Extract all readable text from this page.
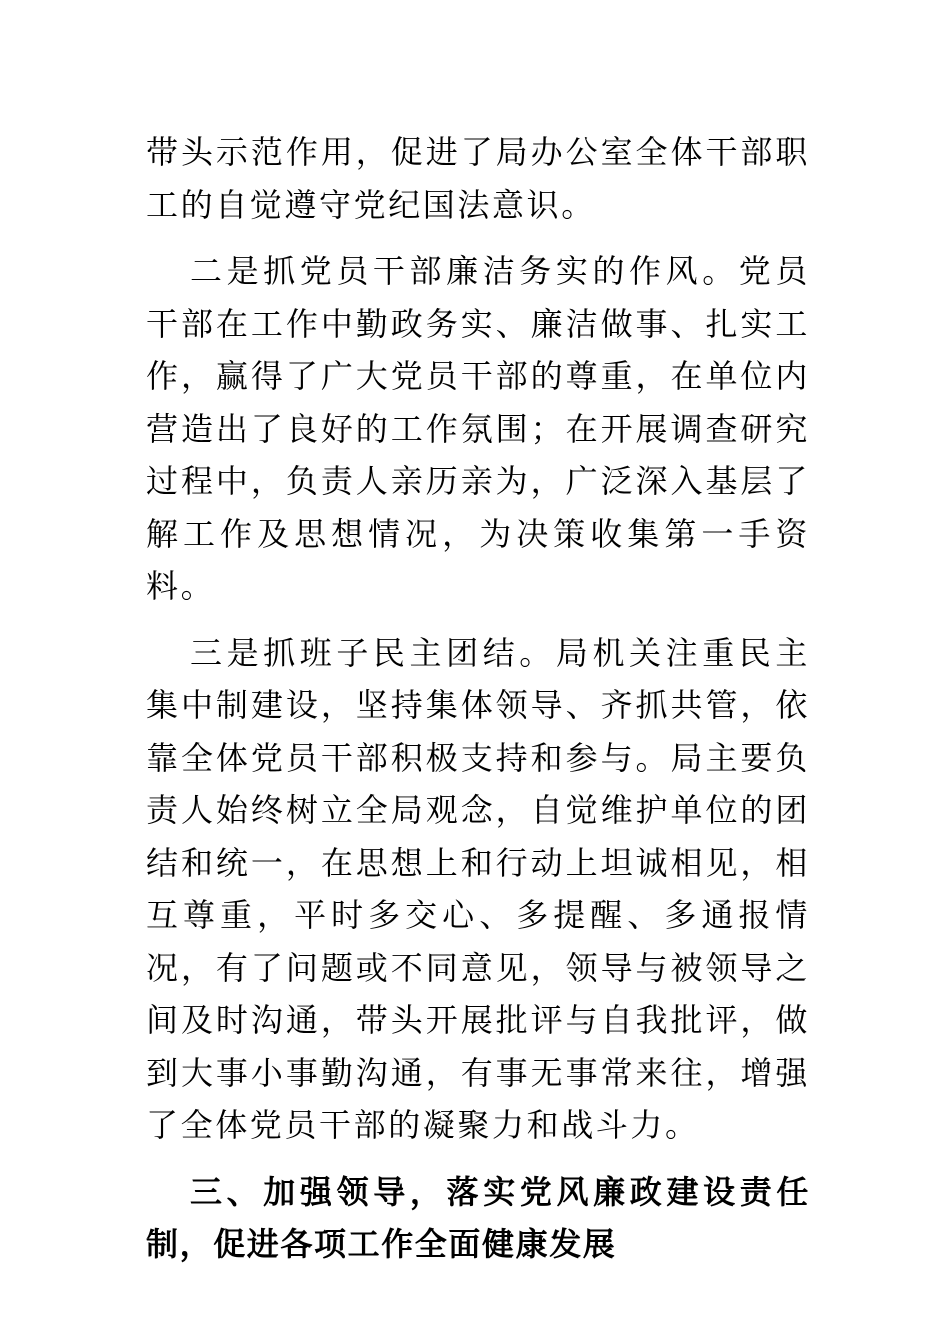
带头示范作用，促进了局办公室全体干部职工的自觉遵守党纪国法意识。

二是抓党员干部廉洁务实的作风。党员干部在工作中勤政务实、廉洁做事、扎实工作，赢得了广大党员干部的尊重，在单位内营造出了良好的工作氛围；在开展调查研究过程中，负责人亲历亲为，广泛深入基层了解工作及思想情况，为决策收集第一手资料。

三是抓班子民主团结。局机关注重民主集中制建设，坚持集体领导、齐抓共管，依靠全体党员干部积极支持和参与。局主要负责人始终树立全局观念，自觉维护单位的团结和统一，在思想上和行动上坦诚相见，相互尊重，平时多交心、多提醒、多通报情况，有了问题或不同意见，领导与被领导之间及时沟通，带头开展批评与自我批评，做到大事小事勤沟通，有事无事常来往，增强了全体党员干部的凝聚力和战斗力。

三、加强领导，落实党风廉政建设责任制，促进各项工作全面健康发展
